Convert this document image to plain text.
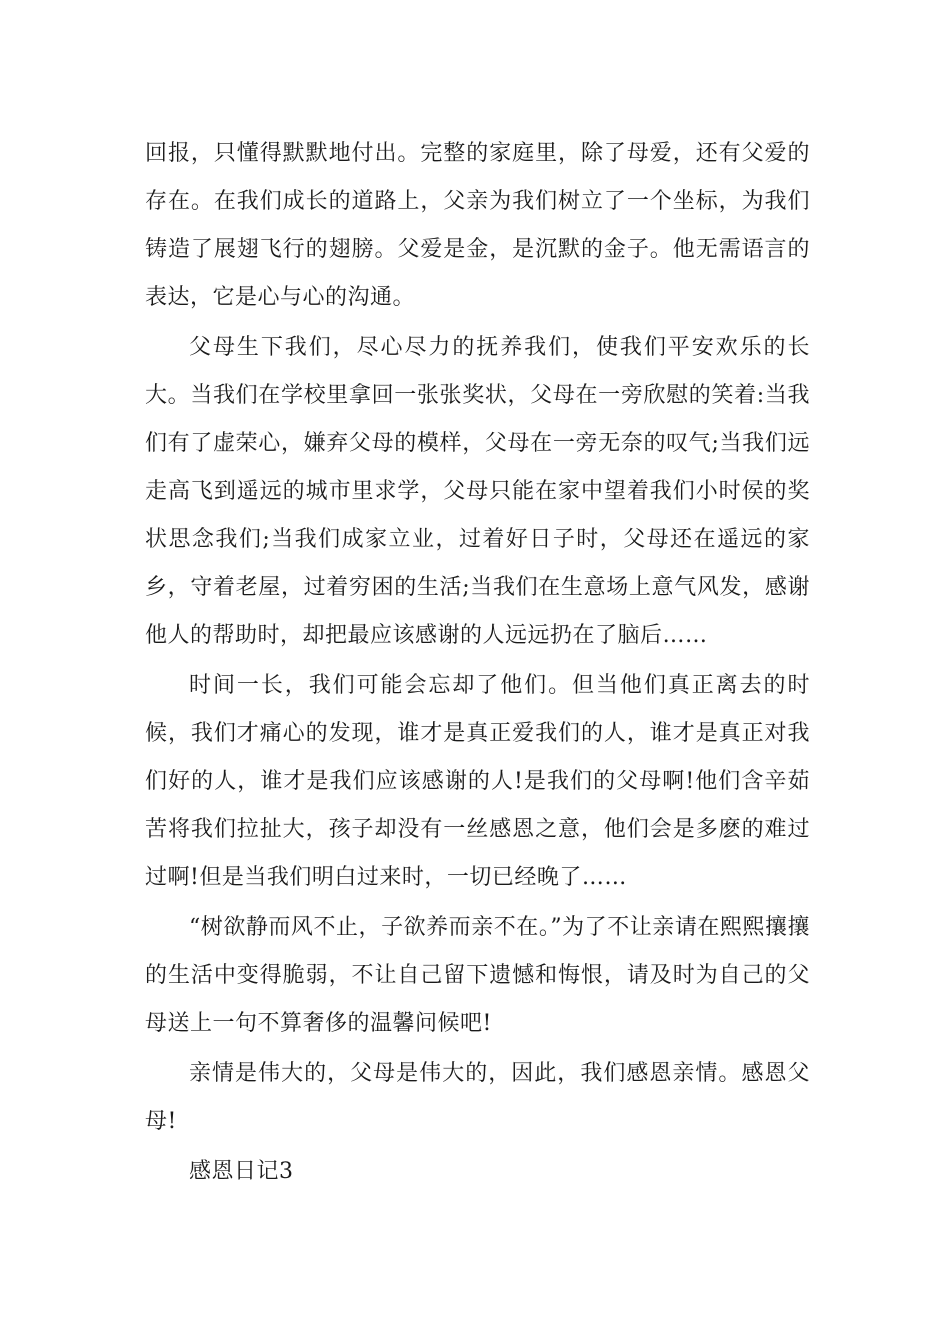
回报，只懂得默默地付出。完整的家庭里，除了母爱，还有父爱的存在。在我们成长的道路上，父亲为我们树立了一个坐标，为我们铸造了展翅飞行的翅膀。父爱是金，是沉默的金子。他无需语言的表达，它是心与心的沟通。

父母生下我们，尽心尽力的抚养我们，使我们平安欢乐的长大。当我们在学校里拿回一张张奖状，父母在一旁欣慰的笑着:当我们有了虚荣心，嫌弃父母的模样，父母在一旁无奈的叹气;当我们远走高飞到遥远的城市里求学，父母只能在家中望着我们小时侯的奖状思念我们;当我们成家立业，过着好日子时，父母还在遥远的家乡，守着老屋，过着穷困的生活;当我们在生意场上意气风发，感谢他人的帮助时，却把最应该感谢的人远远扔在了脑后……

时间一长，我们可能会忘却了他们。但当他们真正离去的时候，我们才痛心的发现，谁才是真正爱我们的人，谁才是真正对我们好的人，谁才是我们应该感谢的人!是我们的父母啊!他们含辛茹苦将我们拉扯大，孩子却没有一丝感恩之意，他们会是多麽的难过过啊!但是当我们明白过来时，一切已经晚了……

“树欲静而风不止，子欲养而亲不在。”为了不让亲请在熙熙攘攘的生活中变得脆弱，不让自己留下遗憾和悔恨，请及时为自己的父母送上一句不算奢侈的温馨问候吧!

亲情是伟大的，父母是伟大的，因此，我们感恩亲情。感恩父母!

感恩日记3
